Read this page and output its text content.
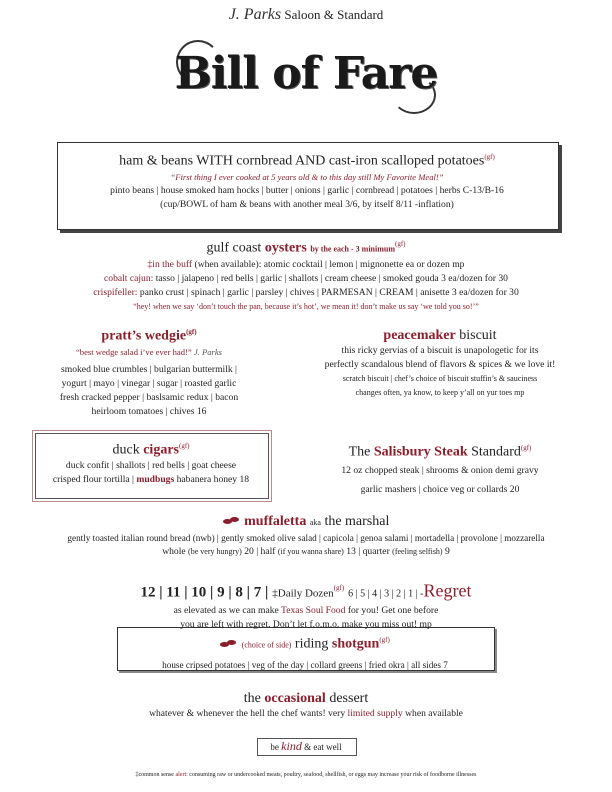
J. Parks Saloon & Standard
Bill of Fare
ham & beans WITH cornbread AND cast-iron scalloped potatoes$^{(gf)}$
“First thing I ever cooked at 5 years old & to this day still My Favorite Meal!”
pinto beans | house smoked ham hocks | butter | onions | garlic | cornbread | potatoes | herbs C-13/B-16
(cup/BOWL of ham & beans with another meal 3/6, by itself 8/11 -inflation)
gulf coast oysters by the each - 3 minimum$^{(gf)}$
‡in the buff (when available): atomic cocktail | lemon | mignonette ea or dozen mp
cobalt cajun: tasso | jalapeno | red bells | garlic | shallots | cream cheese | smoked gouda 3 ea/dozen for 30
crispifeller: panko crust | spinach | garlic | parsley | chives | PARMESAN | CREAM | anisette 3 ea/dozen for 30
“hey! when we say ‘don’t touch the pan, because it’s hot’, we mean it! don’t make us say ‘we told you so!’”
pratt’s wedgie$^{(gf)}$
“best wedge salad i’ve ever had!” J. Parks
smoked blue crumbles | bulgarian buttermilk |
yogurt | mayo | vinegar | sugar | roasted garlic
fresh cracked pepper | baslsamic redux | bacon
heirloom tomatoes | chives 16
peacemaker biscuit
this ricky gervias of a biscuit is unapologetic for its
perfectly scandalous blend of flavors & spices & we love it!
scratch biscuit | chef’s choice of biscuit stuffin’s & sauciness
changes often, ya know, to keep y’all on yur toes mp
duck cigars$^{(gf)}$
duck confit | shallots | red bells | goat cheese
crisped flour tortilla | mudbugs habanera honey 18
The Salisbury Steak Standard$^{(gf)}$
12 oz chopped steak | shrooms & onion demi gravy
garlic mashers | choice veg or collards 20
muffaletta aka the marshal
gently toasted italian round bread (nwb) | gently smoked olive salad | capicola | genoa salami | mortadella | provolone | mozzarella
whole (be very hungry) 20 | half (if you wanna share) 13 | quarter (feeling selfish) 9
12 | 11 | 10 | 9 | 8 | 7 | ‡Daily Dozen$^{(gf)}$ 6 | 5 | 4 | 3 | 2 | 1 | -Regret
as elevated as we can make Texas Soul Food for you! Get one before
you are left with regret. Don’t let f.o.m.o. make you miss out! mp
(choice of side) riding shotgun$^{(gf)}$
house cripsed potatoes | veg of the day | collard greens | fried okra | all sides 7
the occasional dessert
whatever & whenever the hell the chef wants! very limited supply when available
be kind & eat well
‡common sense alert: consuming raw or undercooked meats, poultry, seafood, shellfish, or eggs may increase your risk of foodborne illnesses
